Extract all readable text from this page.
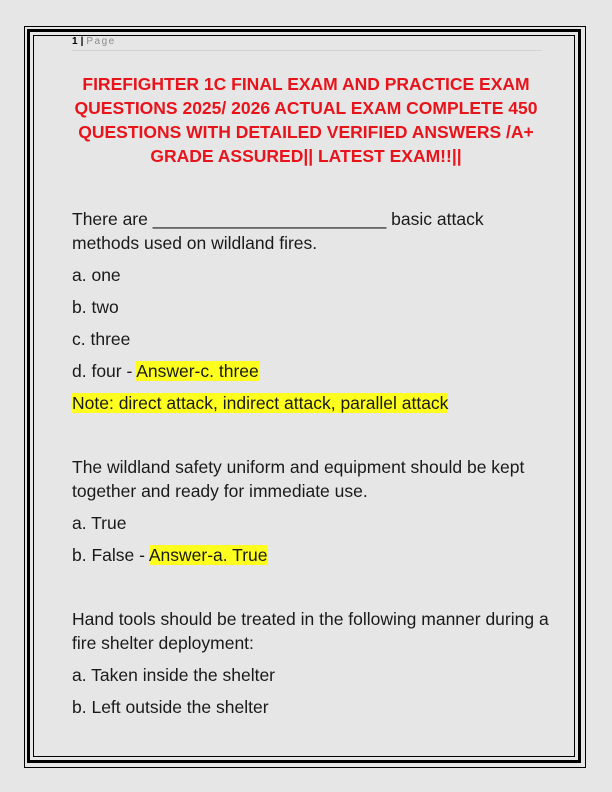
1 | Page
FIREFIGHTER 1C FINAL EXAM AND PRACTICE EXAM QUESTIONS 2025/ 2026 ACTUAL EXAM COMPLETE 450 QUESTIONS WITH DETAILED VERIFIED ANSWERS /A+ GRADE ASSURED|| LATEST EXAM!!||
There are ________________________ basic attack methods used on wildland fires.
a. one
b. two
c. three
d. four - Answer-c. three
Note: direct attack, indirect attack, parallel attack
The wildland safety uniform and equipment should be kept together and ready for immediate use.
a. True
b. False - Answer-a. True
Hand tools should be treated in the following manner during a fire shelter deployment:
a. Taken inside the shelter
b. Left outside the shelter
